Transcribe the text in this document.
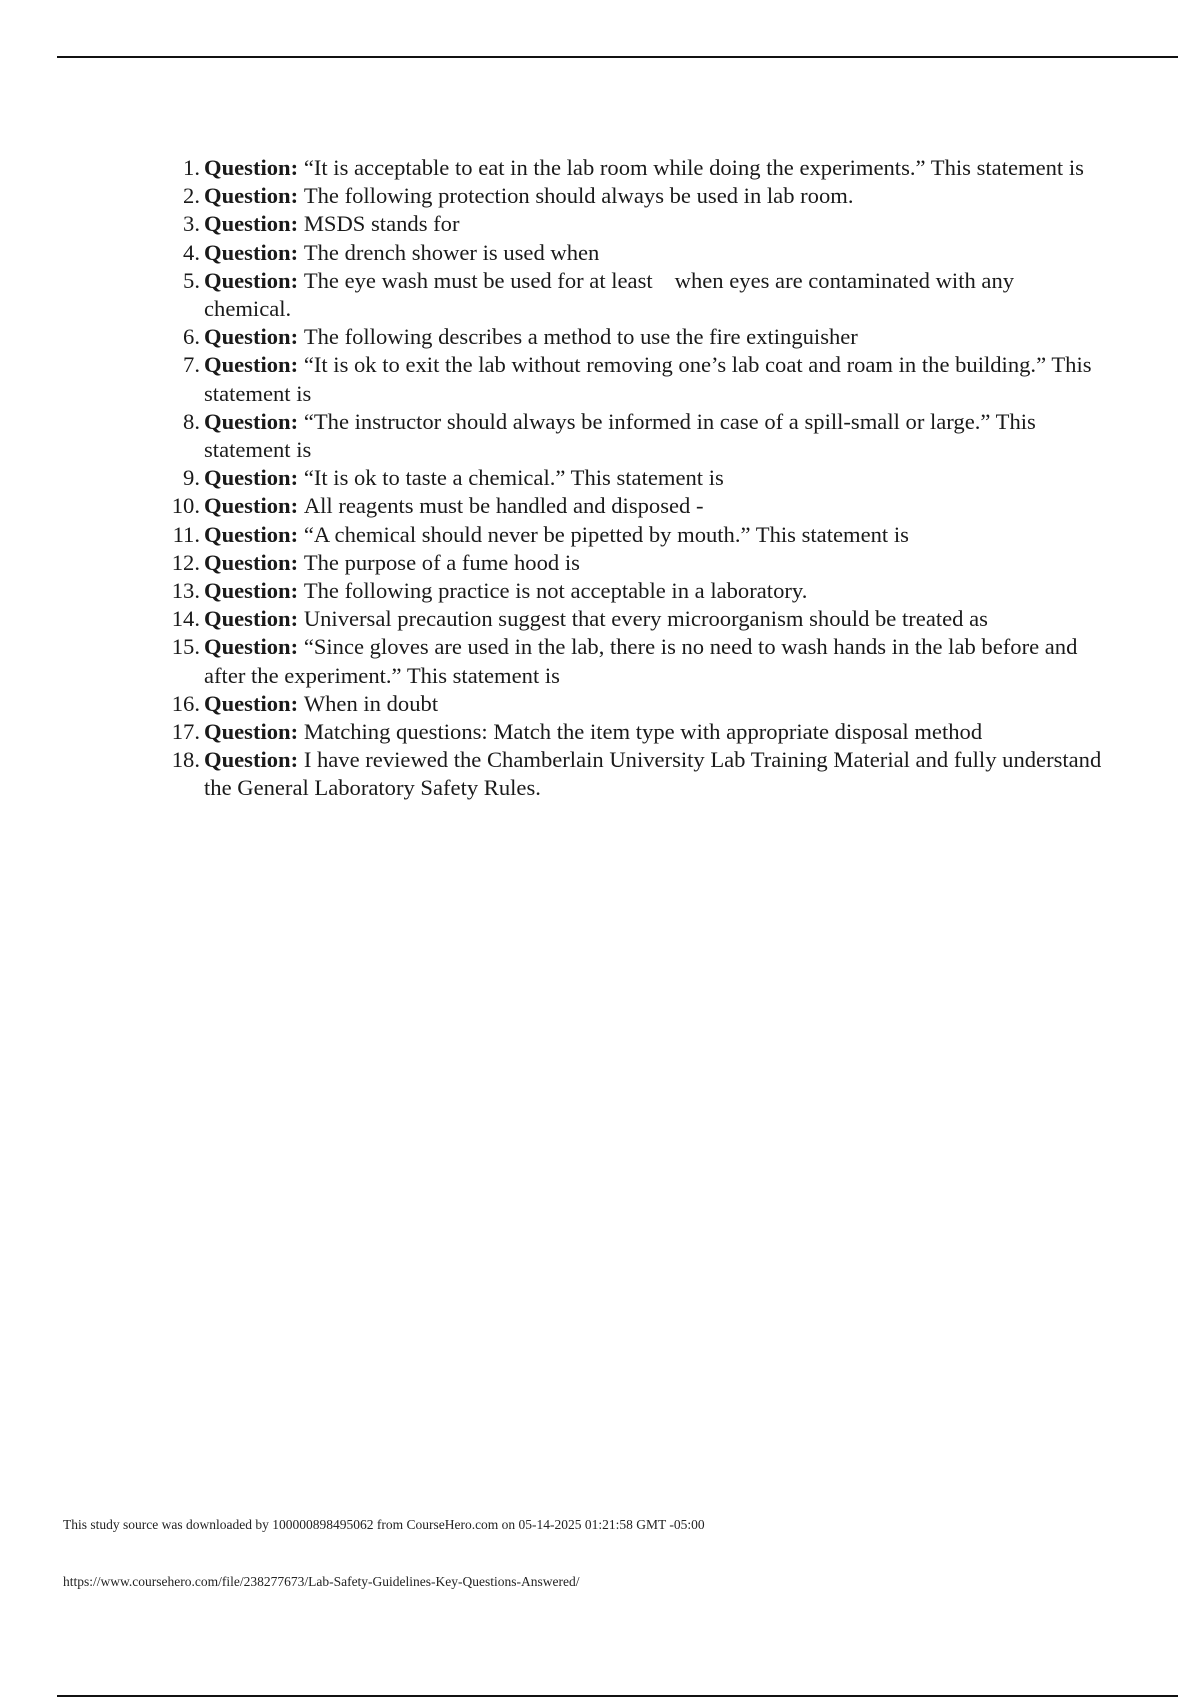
1 . Question: “It is acceptable to eat in the lab room while doing the experiments.” This statement is
2 . Question: The following protection should always be used in lab room.
3 . Question: MSDS stands for
4 . Question: The drench shower is used when
5 . Question: The eye wash must be used for at least when eyes are contaminated with any chemical.
6 . Question: The following describes a method to use the fire extinguisher
7 . Question: “It is ok to exit the lab without removing one’s lab coat and roam in the building.” This statement is
8 . Question: “The instructor should always be informed in case of a spill-small or large.” This statement is
9 . Question: “It is ok to taste a chemical.” This statement is
10 . Question: All reagents must be handled and disposed -
11 . Question: “A chemical should never be pipetted by mouth.” This statement is
12 . Question: The purpose of a fume hood is
13 . Question: The following practice is not acceptable in a laboratory.
14 . Question: Universal precaution suggest that every microorganism should be treated as
15 . Question: “Since gloves are used in the lab, there is no need to wash hands in the lab before and after the experiment.” This statement is
16 . Question: When in doubt
17 . Question: Matching questions: Match the item type with appropriate disposal method
18 . Question: I have reviewed the Chamberlain University Lab Training Material and fully understand the General Laboratory Safety Rules.
This study source was downloaded by 100000898495062 from CourseHero.com on 05-14-2025 01:21:58 GMT -05:00
https://www.coursehero.com/file/238277673/Lab-Safety-Guidelines-Key-Questions-Answered/
